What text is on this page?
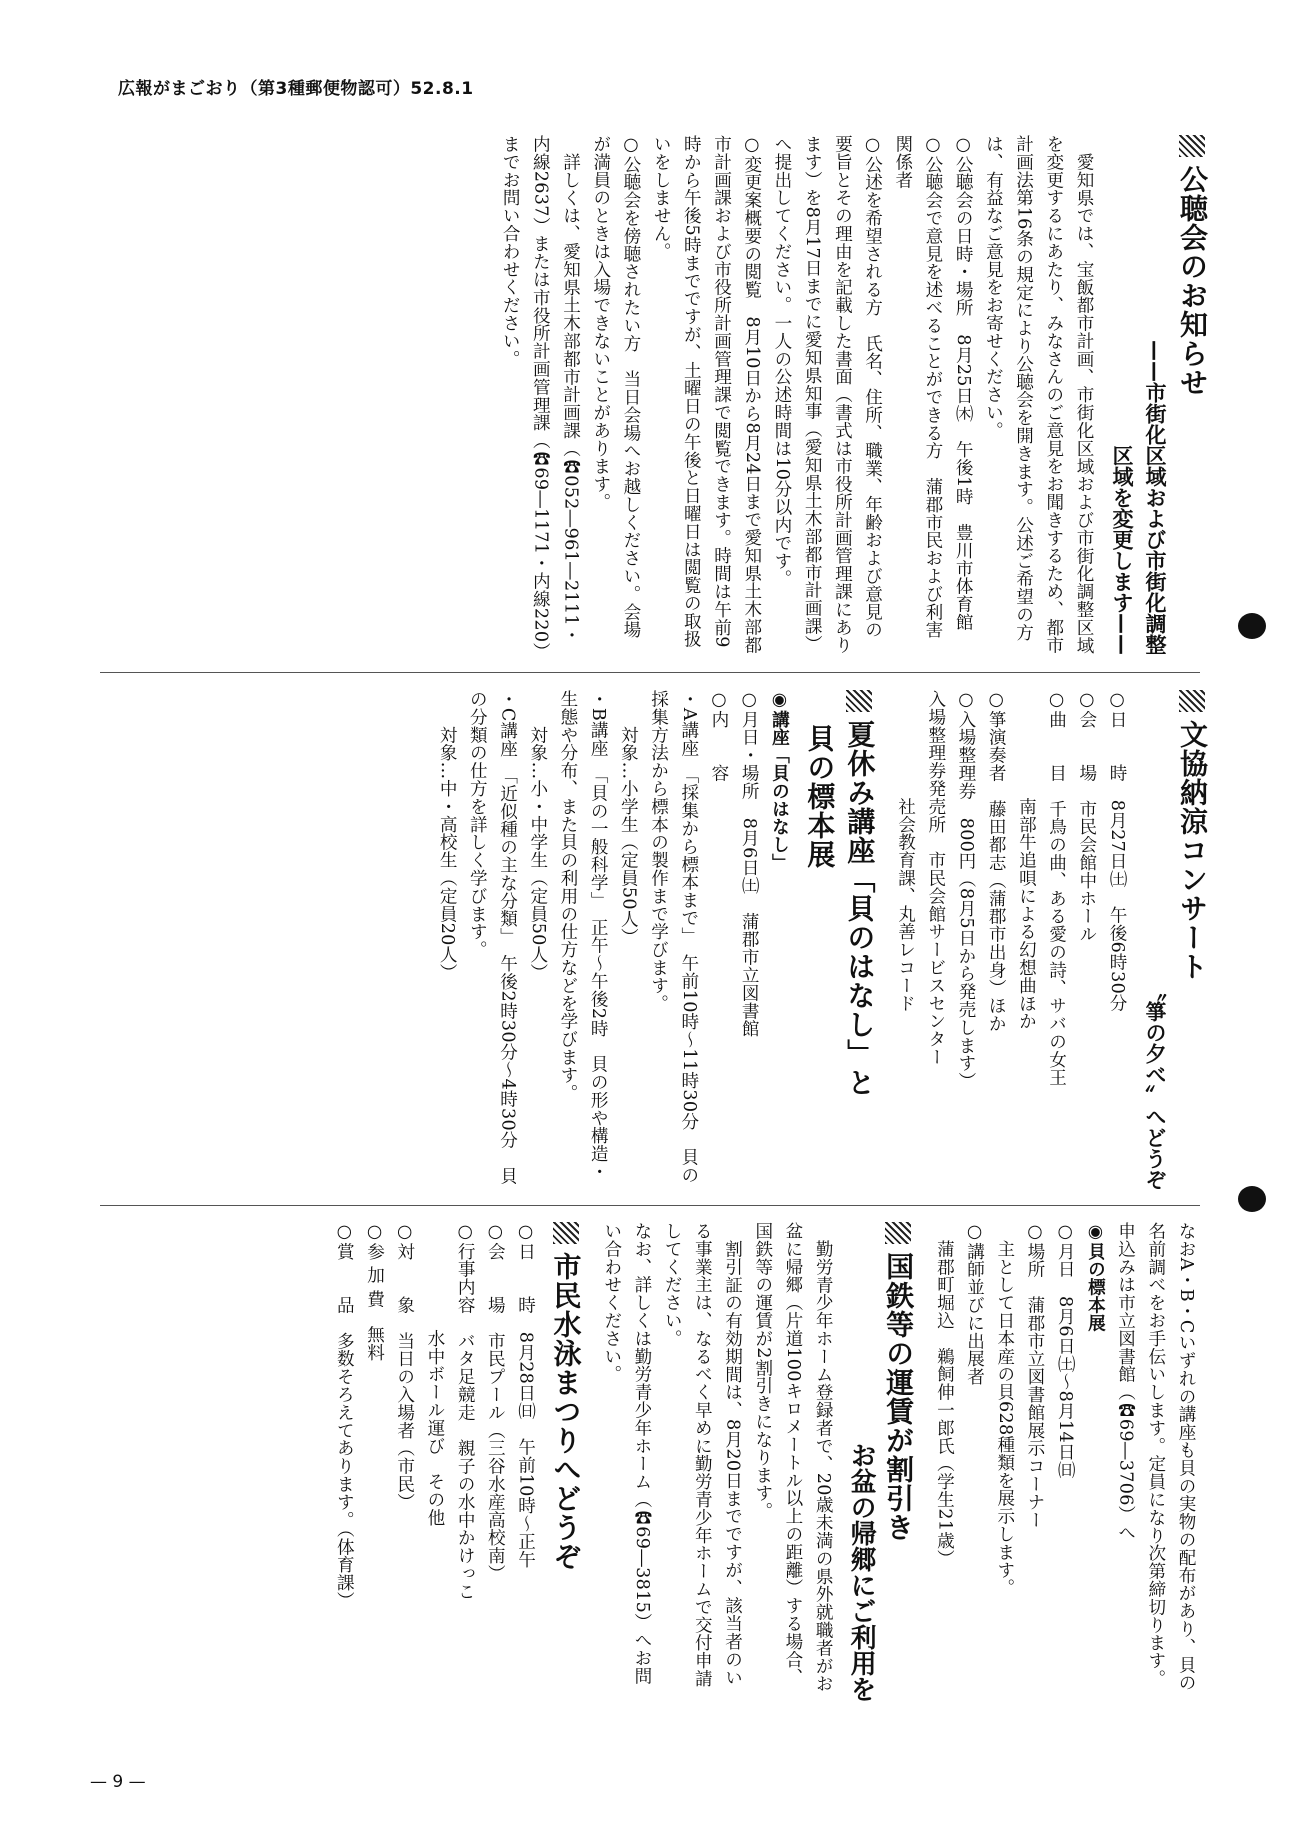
広報がまごおり（第3種郵便物認可）52.8.1
公聴会のお知らせ
——市街化区域および市街化調整
区域を変更します——

愛知県では、宝飯都市計画、市街化区域および市街化調整区域を変更するにあたり、みなさんのご意見をお聞きするため、都市計画法第16条の規定により公聴会を開きます。公述ご希望の方は、有益なご意見をお寄せください。

○公聴会の日時・場所　8月25日㈭　午後1時　豊川市体育館

○公聴会で意見を述べることができる方　蒲郡市民および利害関係者

○公述を希望される方　氏名、住所、職業、年齢および意見の要旨とその理由を記載した書面（書式は市役所計画管理課にあります）を8月17日までに愛知県知事（愛知県土木部都市計画課）へ提出してください。一人の公述時間は10分以内です。

○変更案概要の閲覧　8月10日から8月24日まで愛知県土木部都市計画課および市役所計画管理課で閲覧できます。時間は午前9時から午後5時までですが、土曜日の午後と日曜日は閲覧の取扱いをしません。

○公聴会を傍聴されたい方　当日会場へお越しください。会場が満員のときは入場できないことがあります。

詳しくは、愛知県土木部都市計画課（☎052―961―2111・内線2637）または市役所計画管理課（☎69―1171・内線220）までお問い合わせください。

文協納涼コンサート
〝箏の夕べ〟へどうぞ

○日　　時　8月27日㈯　午後6時30分

○会　　場　市民会館中ホール

○曲　　目　千鳥の曲、ある愛の詩、サバの女王

　　　　　　南部牛追唄による幻想曲ほか

○箏演奏者　藤田都志（蒲郡市出身）ほか

○入場整理券　800円（8月5日から発売します）

入場整理券発売所　市民会館サービスセンター

　　　　　　社会教育課、丸善レコード

夏休み講座「貝のはなし」と
貝の標本展

◉講座「貝のはなし」

○月日・場所　8月6日㈯　蒲郡市立図書館

○内　　容

・A講座　「採集から標本まで」　午前10時～11時30分　貝の採集方法から標本の製作まで学びます。

　　対象…小学生（定員50人）

・B講座　「貝の一般科学」　正午～午後2時　貝の形や構造・生態や分布、また貝の利用の仕方などを学びます。

　　対象…小・中学生（定員50人）

・C講座　「近似種の主な分類」　午後2時30分～4時30分　貝の分類の仕方を詳しく学びます。

　　対象…中・高校生（定員20人）

なおA・B・Cいずれの講座も貝の実物の配布があり、貝の名前調べをお手伝いします。定員になり次第締切ります。申込みは市立図書館（☎69―3706）へ

◉貝の標本展

○月日　8月6日㈯～8月14日㈰

○場所　蒲郡市立図書館展示コーナー

　主として日本産の貝628種類を展示します。

○講師並びに出展者

　蒲郡町堀込　鵜飼伸一郎氏（学生21歳）

国鉄等の運賃が割引き
お盆の帰郷にご利用を

勤労青少年ホーム登録者で、20歳未満の県外就職者がお盆に帰郷（片道100キロメートル以上の距離）する場合、国鉄等の運賃が2割引きになります。

割引証の有効期間は、8月20日までですが、該当者のいる事業主は、なるべく早めに勤労青少年ホームで交付申請してください。

なお、詳しくは勤労青少年ホーム（☎69―3815）へお問い合わせください。

市民水泳まつりへどうぞ

○日　　時　8月28日㈰　午前10時～正午

○会　　場　市民プール（三谷水産高校南）

○行事内容　バタ足競走　親子の水中かけっこ

　　　　　　水中ボール運び　その他

○対　　象　当日の入場者（市民）

○参 加 費　無料

○賞　　品　多数そろえてあります。（体育課）

— 9 —
